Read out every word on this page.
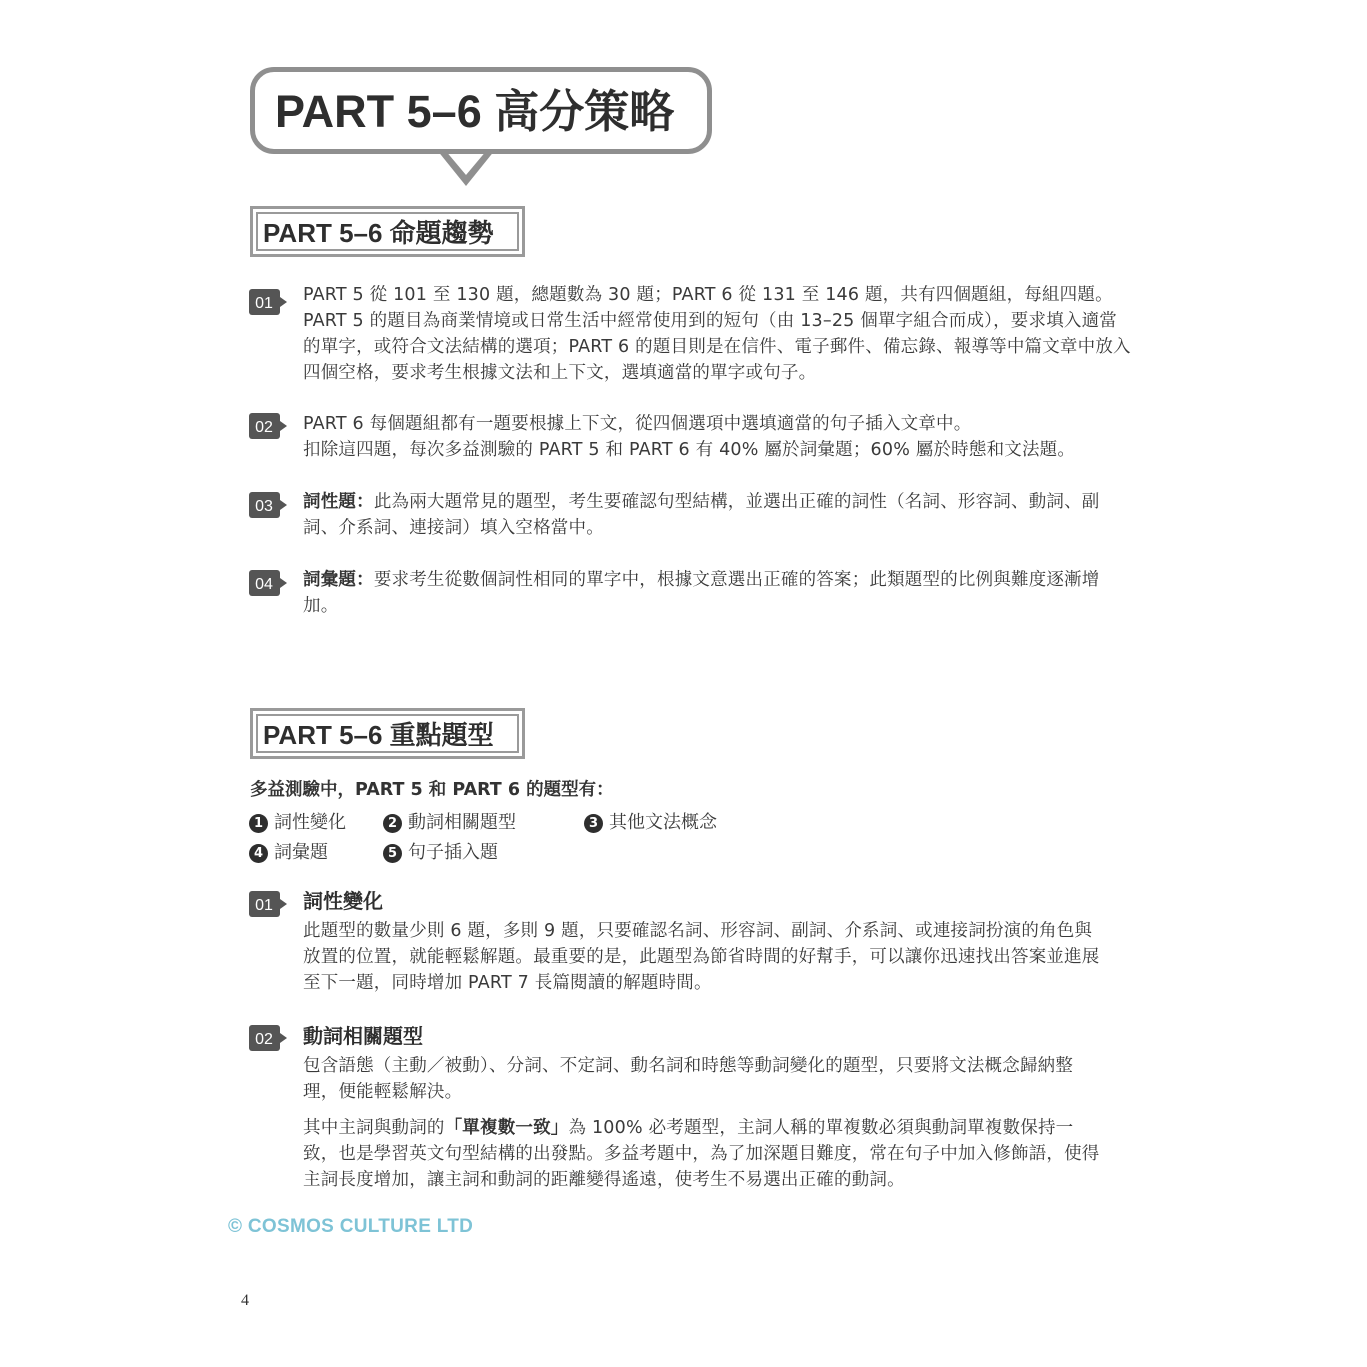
PART 5–6 高分策略
PART 5–6 命題趨勢
01 PART 5 從 101 至 130 題，總題數為 30 題；PART 6 從 131 至 146 題，共有四個題組，每組四題。PART 5 的題目為商業情境或日常生活中經常使用到的短句（由 13–25 個單字組合而成），要求填入適當的單字，或符合文法結構的選項；PART 6 的題目則是在信件、電子郵件、備忘錄、報導等中篇文章中放入四個空格，要求考生根據文法和上下文，選填適當的單字或句子。

02 PART 6 每個題組都有一題要根據上下文，從四個選項中選填適當的句子插入文章中。
扣除這四題，每次多益測驗的 PART 5 和 PART 6 有 40% 屬於詞彙題；60% 屬於時態和文法題。

03 詞性題：此為兩大題常見的題型，考生要確認句型結構，並選出正確的詞性（名詞、形容詞、動詞、副詞、介系詞、連接詞）填入空格當中。

04 詞彙題：要求考生從數個詞性相同的單字中，根據文意選出正確的答案；此類題型的比例與難度逐漸增加。

PART 5–6 重點題型
多益測驗中，PART 5 和 PART 6 的題型有：
1 詞性變化	2 動詞相關題型	3 其他文法概念
4 詞彙題	5 句子插入題
01 詞性變化

此題型的數量少則 6 題，多則 9 題，只要確認名詞、形容詞、副詞、介系詞、或連接詞扮演的角色與放置的位置，就能輕鬆解題。最重要的是，此題型為節省時間的好幫手，可以讓你迅速找出答案並進展至下一題，同時增加 PART 7 長篇閱讀的解題時間。

02 動詞相關題型

包含語態（主動／被動）、分詞、不定詞、動名詞和時態等動詞變化的題型，只要將文法概念歸納整理，便能輕鬆解決。

其中主詞與動詞的「單複數一致」為 100% 必考題型，主詞人稱的單複數必須與動詞單複數保持一致，也是學習英文句型結構的出發點。多益考題中，為了加深題目難度，常在句子中加入修飾語，使得主詞長度增加，讓主詞和動詞的距離變得遙遠，使考生不易選出正確的動詞。

© COSMOS CULTURE LTD
4
